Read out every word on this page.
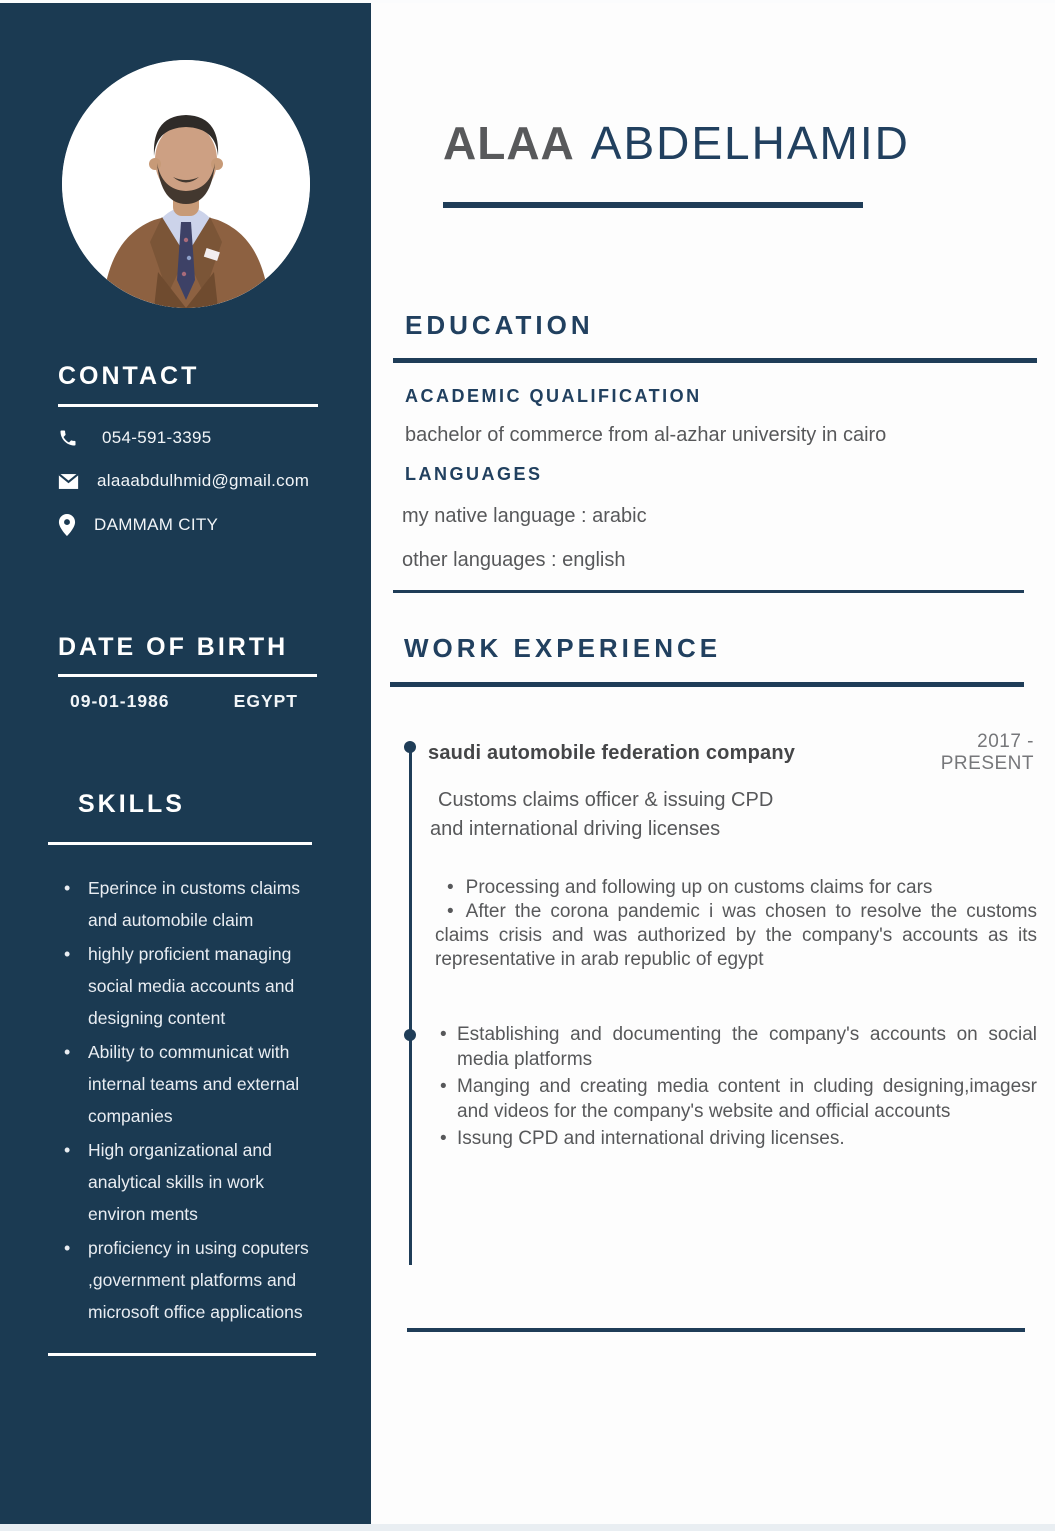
CONTACT
054-591-3395
alaaabdulhmid@gmail.com
DAMMAM CITY
DATE OF BIRTH
09-01-1986	EGYPT
SKILLS
• Eperince in customs claims and automobile claim
• highly proficient managing social media accounts and designing content
• Ability to communicat with internal teams and external companies
• High organizational and analytical skills in work environ ments
• proficiency in using coputers ,government platforms and microsoft office applications
ALAA ABDELHAMID
EDUCATION
ACADEMIC QUALIFICATION
bachelor of commerce from al-azhar university in cairo
LANGUAGES
my native language : arabic
other languages : english
WORK EXPERIENCE
2017 - PRESENT
saudi automobile federation company
Customs claims officer & issuing CPD
and international driving licenses

• Processing and following up on customs claims for cars

• After the corona pandemic i was chosen to resolve the customs claims crisis and was authorized by the company's accounts as its representative in arab republic of egypt

• Establishing and documenting the company's accounts on social media platforms
• Manging and creating media content in cluding designing,imagesr and videos for the company's website and official accounts
• Issung CPD and international driving licenses.
